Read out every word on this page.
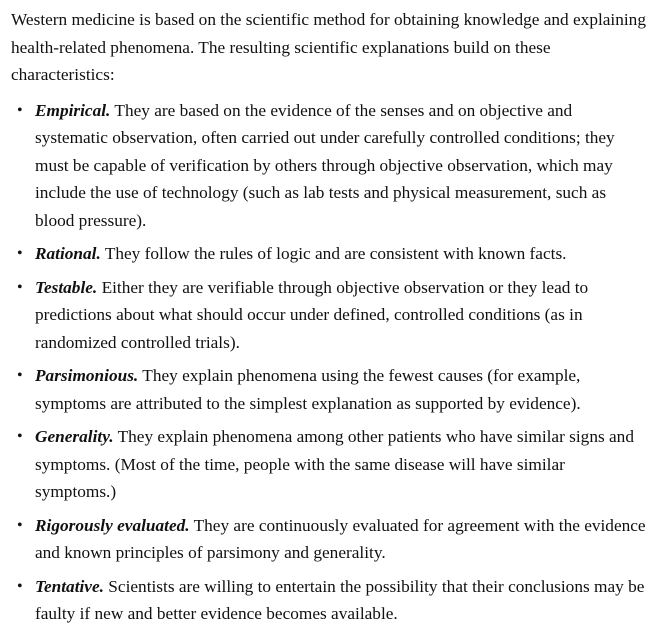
Western medicine is based on the scientific method for obtaining knowledge and explaining health-related phenomena. The resulting scientific explanations build on these characteristics:

• Empirical. They are based on the evidence of the senses and on objective and systematic observation, often carried out under carefully controlled conditions; they must be capable of verification by others through objective observation, which may include the use of technology (such as lab tests and physical measurement, such as blood pressure).
• Rational. They follow the rules of logic and are consistent with known facts.
• Testable. Either they are verifiable through objective observation or they lead to predictions about what should occur under defined, controlled conditions (as in randomized controlled trials).
• Parsimonious. They explain phenomena using the fewest causes (for example, symptoms are attributed to the simplest explanation as supported by evidence).
• Generality. They explain phenomena among other patients who have similar signs and symptoms. (Most of the time, people with the same disease will have similar symptoms.)
• Rigorously evaluated. They are continuously evaluated for agreement with the evidence and known principles of parsimony and generality.
• Tentative. Scientists are willing to entertain the possibility that their conclusions may be faulty if new and better evidence becomes available.
